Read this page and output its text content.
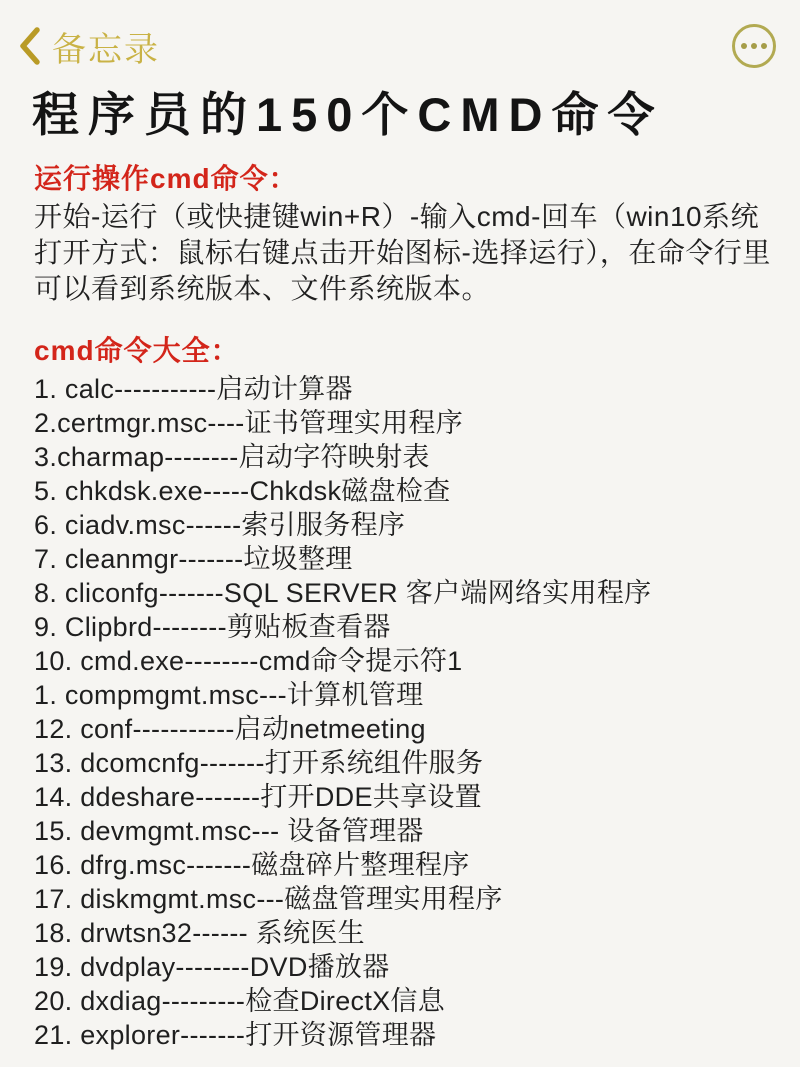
备忘录
程序员的150个CMD命令
运行操作cmd命令：

开始-运行（或快捷键win+R）-输入cmd-回车（win10系统打开方式：鼠标右键点击开始图标-选择运行），在命令行里可以看到系统版本、文件系统版本。

cmd命令大全：
1. calc-----------启动计算器
2.certmgr.msc----证书管理实用程序
3.charmap--------启动字符映射表
5. chkdsk.exe-----Chkdsk磁盘检查
6. ciadv.msc------索引服务程序
7. cleanmgr-------垃圾整理
8. cliconfg-------SQL SERVER 客户端网络实用程序
9. Clipbrd--------剪贴板查看器
10. cmd.exe--------cmd命令提示符1
1. compmgmt.msc---计算机管理
12. conf-----------启动netmeeting
13. dcomcnfg-------打开系统组件服务
14. ddeshare-------打开DDE共享设置
15. devmgmt.msc--- 设备管理器
16. dfrg.msc-------磁盘碎片整理程序
17. diskmgmt.msc---磁盘管理实用程序
18. drwtsn32------ 系统医生
19. dvdplay--------DVD播放器
20. dxdiag---------检查DirectX信息
21. explorer-------打开资源管理器
